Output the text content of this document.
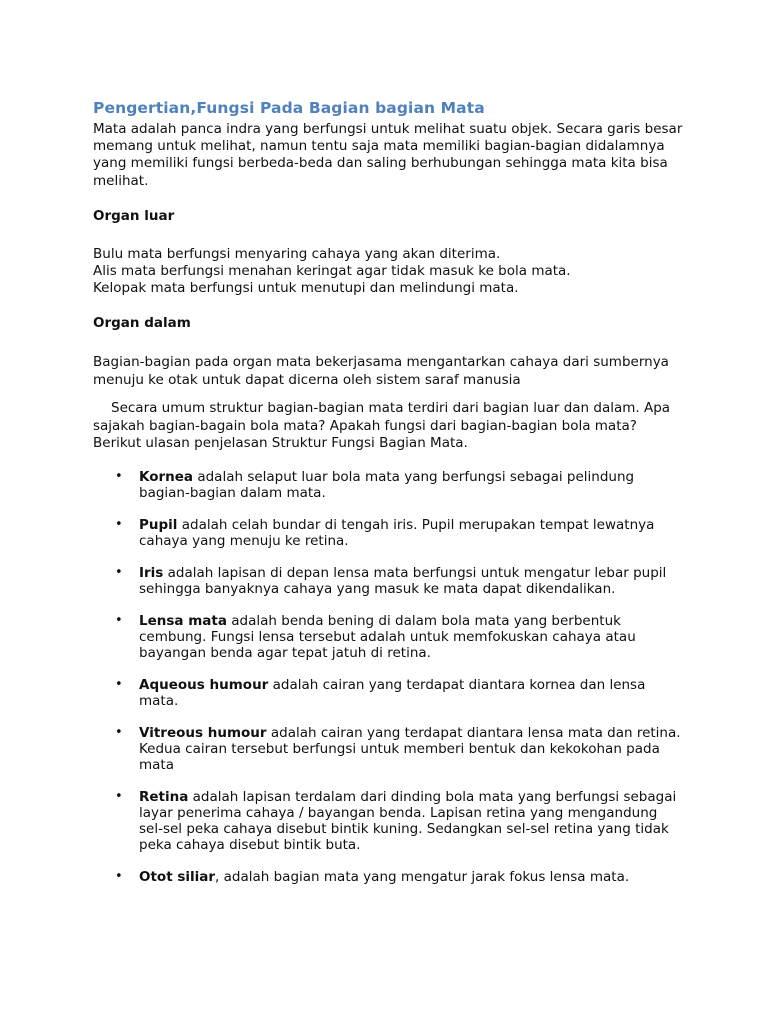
Pengertian,Fungsi Pada Bagian bagian Mata

Mata adalah panca indra yang berfungsi untuk melihat suatu objek. Secara garis besar memang untuk melihat, namun tentu saja mata memiliki bagian-bagian didalamnya yang memiliki fungsi berbeda-beda dan saling berhubungan sehingga mata kita bisa melihat.

Organ luar

Bulu mata berfungsi menyaring cahaya yang akan diterima.
Alis mata berfungsi menahan keringat agar tidak masuk ke bola mata.
Kelopak mata berfungsi untuk menutupi dan melindungi mata.

Organ dalam

Bagian-bagian pada organ mata bekerjasama mengantarkan cahaya dari sumbernya menuju ke otak untuk dapat dicerna oleh sistem saraf manusia

Secara umum struktur bagian-bagian mata terdiri dari bagian luar dan dalam. Apa sajakah bagian-bagain bola mata? Apakah fungsi dari bagian-bagian bola mata? Berikut ulasan penjelasan Struktur Fungsi Bagian Mata.

• Kornea adalah selaput luar bola mata yang berfungsi sebagai pelindung bagian-bagian dalam mata.
• Pupil adalah celah bundar di tengah iris. Pupil merupakan tempat lewatnya cahaya yang menuju ke retina.
• Iris adalah lapisan di depan lensa mata berfungsi untuk mengatur lebar pupil sehingga banyaknya cahaya yang masuk ke mata dapat dikendalikan.
• Lensa mata adalah benda bening di dalam bola mata yang berbentuk cembung. Fungsi lensa tersebut adalah untuk memfokuskan cahaya atau bayangan benda agar tepat jatuh di retina.
• Aqueous humour adalah cairan yang terdapat diantara kornea dan lensa mata.
• Vitreous humour adalah cairan yang terdapat diantara lensa mata dan retina. Kedua cairan tersebut berfungsi untuk memberi bentuk dan kekokohan pada mata
• Retina adalah lapisan terdalam dari dinding bola mata yang berfungsi sebagai layar penerima cahaya / bayangan benda. Lapisan retina yang mengandung sel-sel peka cahaya disebut bintik kuning. Sedangkan sel-sel retina yang tidak peka cahaya disebut bintik buta.
• Otot siliar, adalah bagian mata yang mengatur jarak fokus lensa mata.
